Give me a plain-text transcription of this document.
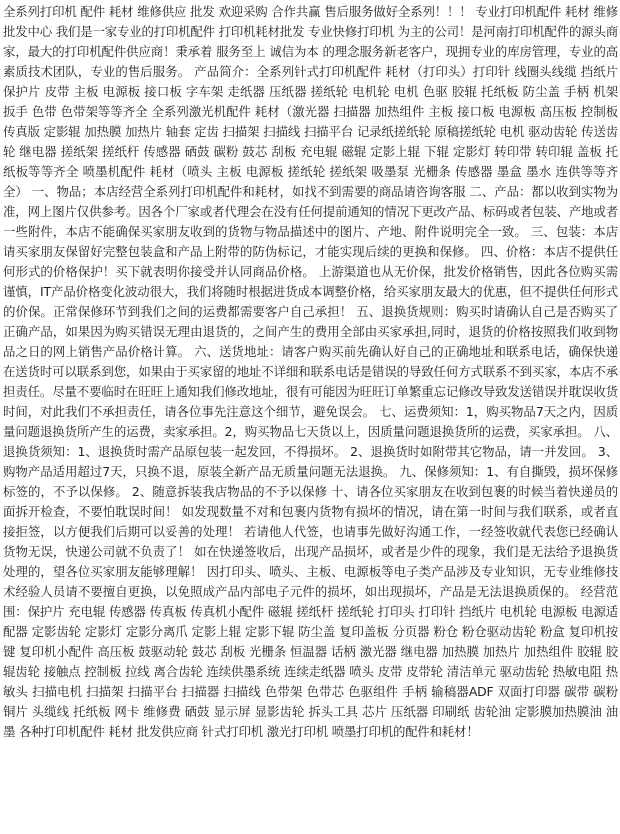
全系列打印机 配件 耗材 维修供应 批发 欢迎采购 合作共赢 售后服务做好全系列！！！ 专业打印机配件 耗材 维修批发中心 我们是一家专业的打印机配件 打印机耗材批发 专业快修打印机 为主的公司！是河南打印机配件的源头商家，最大的打印机配件供应商！秉承着 服务至上 诚信为本 的理念服务新老客户，现拥专业的库房管理，专业的高素质技术团队，专业的售后服务。 产品简介：全系列针式打印机配件 耗材（打印头）打印针 线圈头线缆 挡纸片 保护片 皮带 主板 电源板 接口板 字车架 走纸器 压纸器 搓纸轮 电机轮 电机 色驱 胶辊 托纸板 防尘盖 手柄 机架 扳手 色带 色带架等等齐全 全系列激光机配件 耗材（激光器 扫描器 加热组件 主板 接口板 电源板 高压板 控制板 传真版 定影辊 加热膜 加热片 轴套 定齿 扫描架 扫描线 扫描平台 记录纸搓纸轮 原稿搓纸轮 电机 驱动齿轮 传送齿轮 继电器 搓纸架 搓纸杆 传感器 硒鼓 碳粉 鼓芯 刮板 充电辊 磁辊 定影上辊 下辊 定影灯 转印带 转印辊 盖板 托纸板等等齐全 喷墨机配件 耗材（喷头 主板 电源板 搓纸轮 搓纸架 吸墨泵 光栅条 传感器 墨盒 墨水 连供等等齐全） 一、物品；本店经营全系列打印机配件和耗材，如找不到需要的商品请咨询客服 二、产品：都以收到实物为准，网上图片仅供参考。因各个厂家或者代理会在没有任何提前通知的情况下更改产品、标码或者包装、产地或者一些附件，本店不能确保买家朋友收到的货物与物品描述中的图片、产地、附件说明完全一致。 三、包装：本店请买家朋友保留好完整包装盒和产品上附带的防伪标记，才能实现后续的更换和保修。 四、价格：本店不提供任何形式的价格保护！买下就表明你接受并认同商品价格。 上游渠道也从无价保，批发价格销售，因此各位购买需谨慎，IT产品价格变化波动很大，我们将随时根据进货成本调整价格，给买家朋友最大的优惠，但不提供任何形式的价保。正常保修环节到我们之间的运费都需要客户自己承担！ 五、退换货规则：购买时请确认自己是否购买了正确产品，如果因为购买错误无理由退货的，之间产生的费用全部由买家承担,同时，退货的价格按照我们收到物品之日的网上销售产品价格计算。 六、送货地址：请客户购买前先确认好自己的正确地址和联系电话，确保快递在送货时可以联系到您，如果由于买家留的地址不详细和联系电话是错误的导致任何方式联系不到买家，本店不承担责任。尽量不要临时在旺旺上通知我们修改地址，很有可能因为旺旺订单繁重忘记修改导致发送错误并耽误收货时间，对此我们不承担责任，请各位事先注意这个细节，避免误会。 七、运费须知：1，购买物品7天之内，因质量问题退换货所产生的运费，卖家承担。2，购买物品七天货以上，因质量问题退换货所的运费，买家承担。 八、退换货须知：1、退换货时需产品原包装一起发回，不得损坏。 2、退换货时如附带其它物品，请一并发回。 3、购物产品适用超过7天，只换不退，原装全新产品无质量问题无法退换。 九、保修须知：1、有自撕毁，损坏保修标签的，不予以保修。 2、随意拆装我店物品的不予以保修 十、请各位买家朋友在收到包裹的时候当着快递员的面拆开检查，不要怕耽误时间！ 如发现数量不对和包裹内货物有损坏的情况，请在第一时间与我们联系，或者直接拒签，以方便我们后期可以妥善的处理！ 若请他人代签，也请事先做好沟通工作，一经签收就代表您已经确认货物无误，快递公司就不负责了！ 如在快递签收后，出现产品损坏，或者是少件的现象，我们是无法给予退换货处理的，望各位买家朋友能够理解！ 因打印头、喷头、主板、电源板等电子类产品涉及专业知识，无专业维修技术经验人员请不要擅自更换，以免照成产品内部电子元件的损坏，如出现损坏，产品是无法退换质保的。 经营范围：保护片 充电辊 传感器 传真板 传真机小配件 磁辊 搓纸杆 搓纸轮 打印头 打印针 挡纸片 电机轮 电源板 电源适配器 定影齿轮 定影灯 定影分离爪 定影上辊 定影下辊 防尘盖 复印盖板 分页器 粉仓 粉仓驱动齿轮 粉盒 复印机按键 复印机小配件 高压板 鼓驱动轮 鼓芯 刮板 光栅条 恒温器 话柄 激光器 继电器 加热膜 加热片 加热组件 胶辊 胶辊齿轮 接触点 控制板 拉线 离合齿轮 连续供墨系统 连续走纸器 喷头 皮带 皮带轮 清洁单元 驱动齿轮 热敏电阻 热敏头 扫描电机 扫描架 扫描平台 扫描器 扫描线 色带架 色带芯 色驱组件 手柄 输稿器ADF 双面打印器 碳带 碳粉 铜片 头缆线 托纸板 网卡 维修费 硒鼓 显示屏 显影齿轮 拆头工具 芯片 压纸器 印刷纸 齿轮油 定影膜加热膜油 油墨 各种打印机配件 耗材 批发供应商 针式打印机 激光打印机 喷墨打印机的配件和耗材！
